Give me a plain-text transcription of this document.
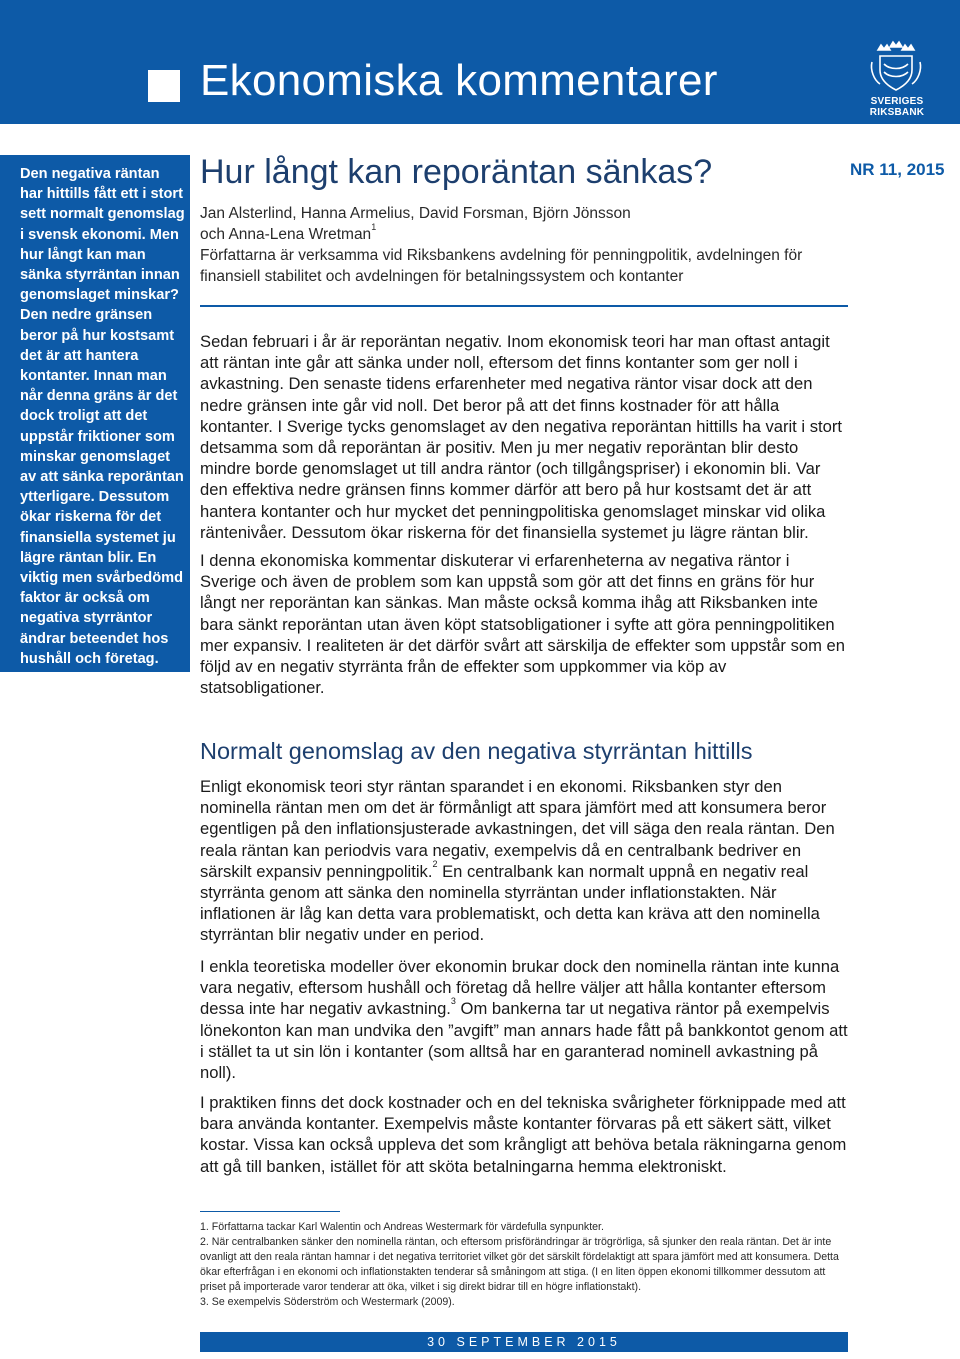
Ekonomiska kommentarer	SVERIGES
RIKSBANK

Den negativa räntan har hittills fått ett i stort sett normalt genomslag i svensk ekonomi. Men hur långt kan man sänka styrräntan innan genomslaget minskar? Den nedre gränsen beror på hur kostsamt det är att hantera kontanter. Innan man når denna gräns är det dock troligt att det uppstår friktioner som minskar genomslaget av att sänka reporäntan ytterligare. Dessutom ökar riskerna för det finansiella systemet ju lägre räntan blir. En viktig men svårbedömd faktor är också om negativa styrräntor ändrar beteendet hos hushåll och företag.

NR 11, 2015
Hur långt kan reporäntan sänkas?
Jan Alsterlind, Hanna Armelius, David Forsman, Björn Jönsson och Anna-Lena Wretman$^1$
Författarna är verksamma vid Riksbankens avdelning för penningpolitik, avdelningen för finansiell stabilitet och avdelningen för betalningssystem och kontanter

Sedan februari i år är reporäntan negativ. Inom ekonomisk teori har man oftast antagit att räntan inte går att sänka under noll, eftersom det finns kontanter som ger noll i avkastning. Den senaste tidens erfarenheter med negativa räntor visar dock att den nedre gränsen inte går vid noll. Det beror på att det finns kostnader för att hålla kontanter. I Sverige tycks genomslaget av den negativa reporäntan hittills ha varit i stort detsamma som då reporäntan är positiv. Men ju mer negativ reporäntan blir desto mindre borde genomslaget ut till andra räntor (och tillgångspriser) i ekonomin bli. Var den effektiva nedre gränsen finns kommer därför att bero på hur kostsamt det är att hantera kontanter och hur mycket det penningpolitiska genomslaget minskar vid olika räntenivåer. Dessutom ökar riskerna för det finansiella systemet ju lägre räntan blir.

I denna ekonomiska kommentar diskuterar vi erfarenheterna av negativa räntor i Sverige och även de problem som kan uppstå som gör att det finns en gräns för hur långt ner reporäntan kan sänkas. Man måste också komma ihåg att Riksbanken inte bara sänkt reporäntan utan även köpt statsobligationer i syfte att göra penningpolitiken mer expansiv. I realiteten är det därför svårt att särskilja de effekter som uppstår som en följd av en negativ styrränta från de effekter som uppkommer via köp av statsobligationer.

Normalt genomslag av den negativa styrräntan hittills

Enligt ekonomisk teori styr räntan sparandet i en ekonomi. Riksbanken styr den nominella räntan men om det är förmånligt att spara jämfört med att konsumera beror egentligen på den inflationsjusterade avkastningen, det vill säga den reala räntan. Den reala räntan kan periodvis vara negativ, exempelvis då en centralbank bedriver en särskilt expansiv penningpolitik.$^2$ En centralbank kan normalt uppnå en negativ real styrränta genom att sänka den nominella styrräntan under inflationstakten. När inflationen är låg kan detta vara problematiskt, och detta kan kräva att den nominella styrräntan blir negativ under en period.

I enkla teoretiska modeller över ekonomin brukar dock den nominella räntan inte kunna vara negativ, eftersom hushåll och företag då hellre väljer att hålla kontanter eftersom dessa inte har negativ avkastning.$^3$ Om bankerna tar ut negativa räntor på exempelvis lönekonton kan man undvika den ”avgift” man annars hade fått på bankkontot genom att i stället ta ut sin lön i kontanter (som alltså har en garanterad nominell avkastning på noll).

I praktiken finns det dock kostnader och en del tekniska svårigheter förknippade med att bara använda kontanter. Exempelvis måste kontanter förvaras på ett säkert sätt, vilket kostar. Vissa kan också uppleva det som krångligt att behöva betala räkningarna genom att gå till banken, istället för att sköta betalningarna hemma elektroniskt.

1. Författarna tackar Karl Walentin och Andreas Westermark för värdefulla synpunkter.

2. När centralbanken sänker den nominella räntan, och eftersom prisförändringar är trögrörliga, så sjunker den reala räntan. Det är inte ovanligt att den reala räntan hamnar i det negativa territoriet vilket gör det särskilt fördelaktigt att spara jämfört med att konsumera. Detta ökar efterfrågan i en ekonomi och inflationstakten tenderar så småningom att stiga. (I en liten öppen ekonomi tillkommer dessutom att priset på importerade varor tenderar att öka, vilket i sig direkt bidrar till en högre inflationstakt).

3. Se exempelvis Söderström och Westermark (2009).

30 SEPTEMBER 2015
